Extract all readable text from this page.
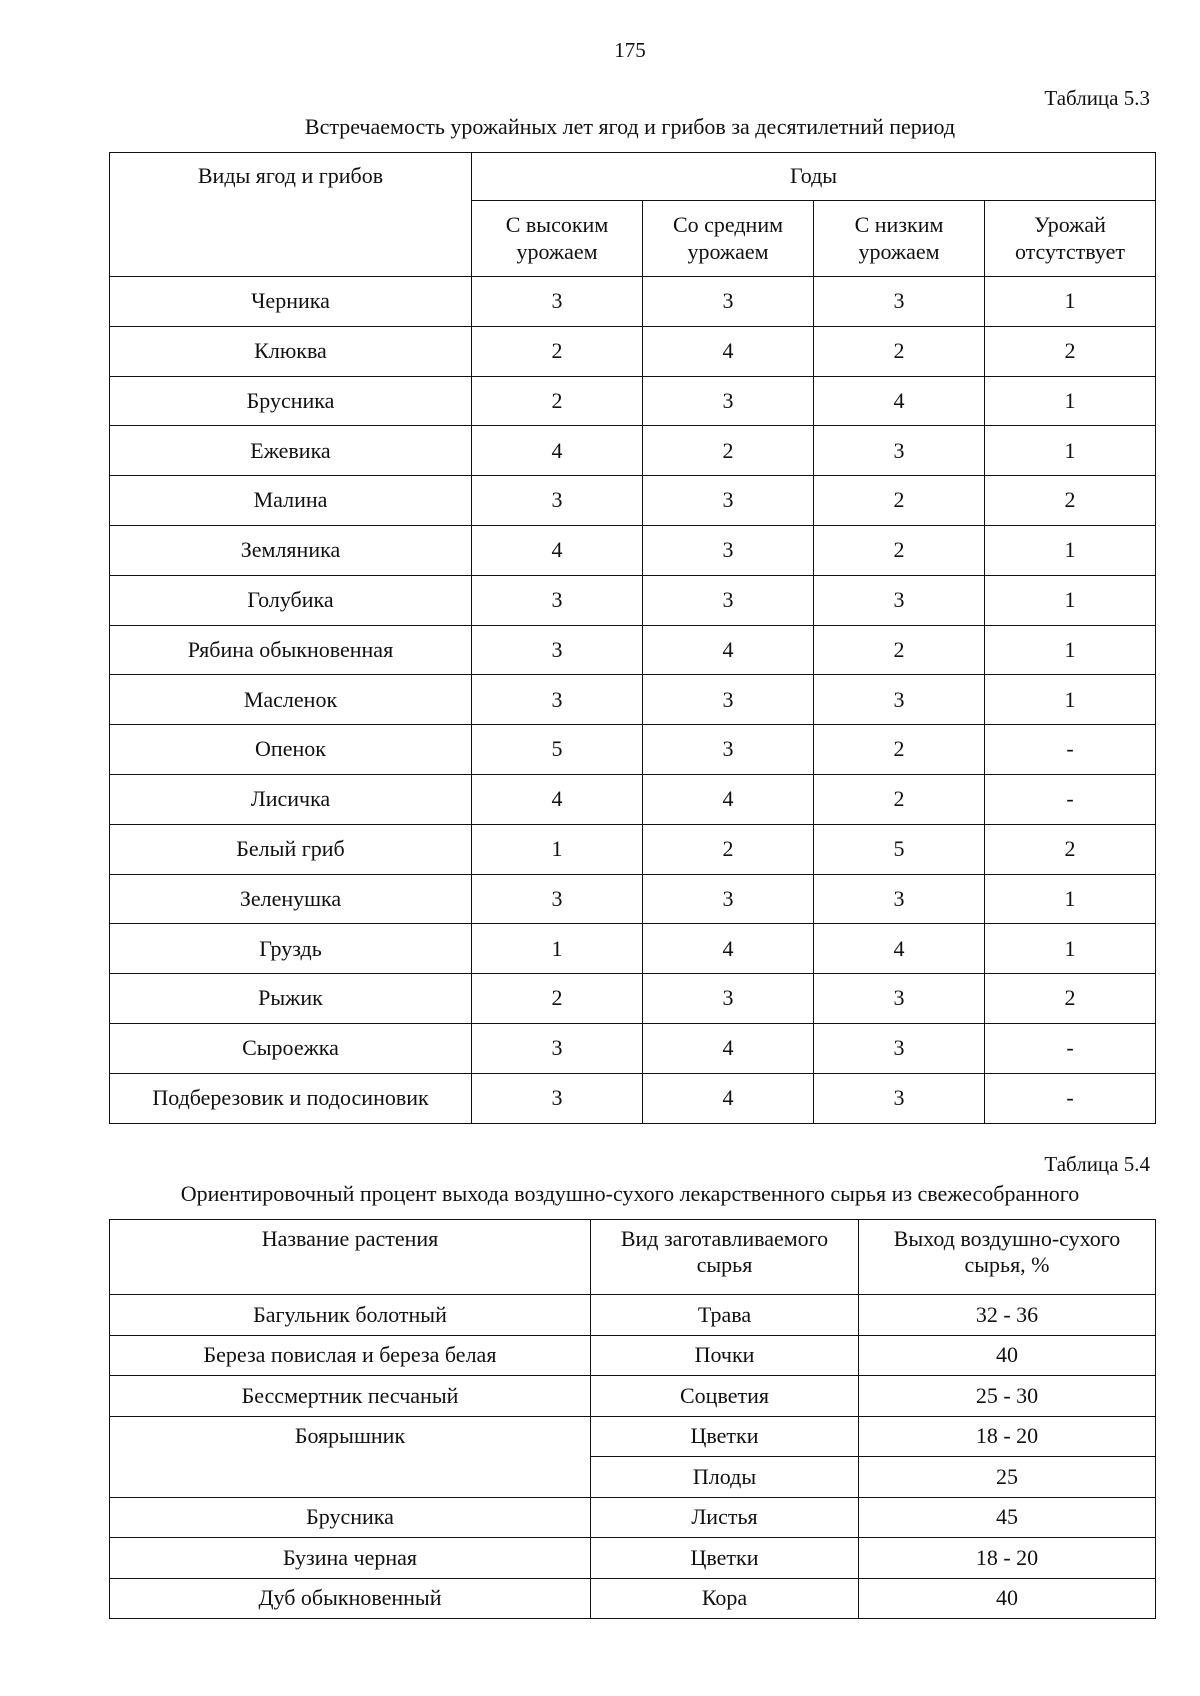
175
Таблица 5.3
Встречаемость урожайных лет ягод и грибов за десятилетний период
Виды ягод и грибов	Годы			
	С высоким урожаем	Со средним урожаем	С низким урожаем	Урожай отсутствует
Черника	3	3	3	1
Клюква	2	4	2	2
Брусника	2	3	4	1
Ежевика	4	2	3	1
Малина	3	3	2	2
Земляника	4	3	2	1
Голубика	3	3	3	1
Рябина обыкновенная	3	4	2	1
Масленок	3	3	3	1
Опенок	5	3	2	-
Лисичка	4	4	2	-
Белый гриб	1	2	5	2
Зеленушка	3	3	3	1
Груздь	1	4	4	1
Рыжик	2	3	3	2
Сыроежка	3	4	3	-
Подберезовик и подосиновик	3	4	3	-
Таблица 5.4
Ориентировочный процент выхода воздушно-сухого лекарственного сырья из свежесобранного
Название растения	Вид заготавливаемого сырья	Выход воздушно-сухого сырья, %
Багульник болотный	Трава	32 - 36
Береза повислая и береза белая	Почки	40
Бессмертник песчаный	Соцветия	25 - 30
Боярышник	Цветки	18 - 20
	Плоды	25
Брусника	Листья	45
Бузина черная	Цветки	18 - 20
Дуб обыкновенный	Кора	40
